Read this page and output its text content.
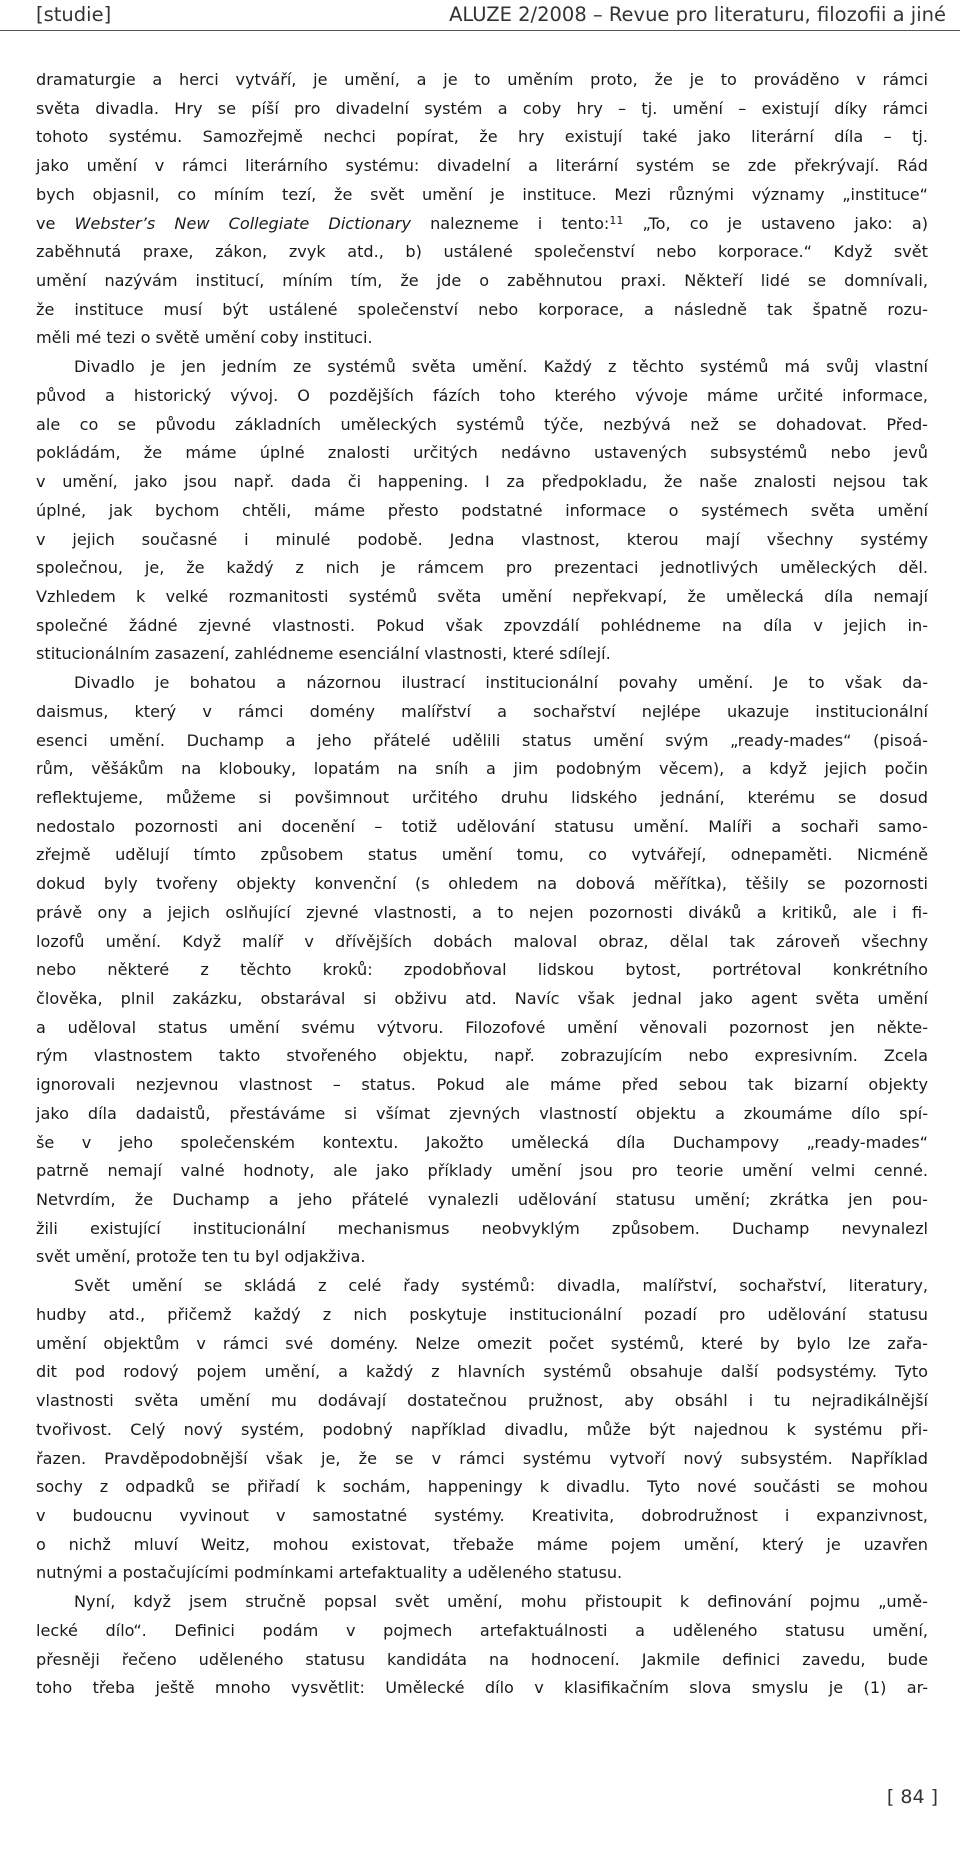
[studie]	ALUZE 2/2008 – Revue pro literaturu, filozofii a jiné
dramaturgie a herci vytváří, je umění, a je to uměním proto, že je to prováděno v rámci
světa divadla. Hry se píší pro divadelní systém a coby hry – tj. umění – existují díky rámci
tohoto systému. Samozřejmě nechci popírat, že hry existují také jako literární díla – tj.
jako umění v rámci literárního systému: divadelní a literární systém se zde překrývají. Rád
bych objasnil, co míním tezí, že svět umění je instituce. Mezi různými významy „instituce“
ve Webster’s New Collegiate Dictionary nalezneme i tento:$^{11}$ „To, co je ustaveno jako: a)
zaběhnutá praxe, zákon, zvyk atd., b) ustálené společenství nebo korporace.“ Když svět
umění nazývám institucí, míním tím, že jde o zaběhnutou praxi. Někteří lidé se domnívali,
že instituce musí být ustálené společenství nebo korporace, a následně tak špatně rozu-
měli mé tezi o světě umění coby instituci.
Divadlo je jen jedním ze systémů světa umění. Každý z těchto systémů má svůj vlastní
původ a historický vývoj. O pozdějších fázích toho kterého vývoje máme určité informace,
ale co se původu základních uměleckých systémů týče, nezbývá než se dohadovat. Před-
pokládám, že máme úplné znalosti určitých nedávno ustavených subsystémů nebo jevů
v umění, jako jsou např. dada či happening. I za předpokladu, že naše znalosti nejsou tak
úplné, jak bychom chtěli, máme přesto podstatné informace o systémech světa umění
v jejich současné i minulé podobě. Jedna vlastnost, kterou mají všechny systémy
společnou, je, že každý z nich je rámcem pro prezentaci jednotlivých uměleckých děl.
Vzhledem k velké rozmanitosti systémů světa umění nepřekvapí, že umělecká díla nemají
společné žádné zjevné vlastnosti. Pokud však zpovzdálí pohlédneme na díla v jejich in-
stitucionálním zasazení, zahlédneme esenciální vlastnosti, které sdílejí.
Divadlo je bohatou a názornou ilustrací institucionální povahy umění. Je to však da-
daismus, který v rámci domény malířství a sochařství nejlépe ukazuje institucionální
esenci umění. Duchamp a jeho přátelé udělili status umění svým „ready-mades“ (pisoá-
rům, věšákům na klobouky, lopatám na sníh a jim podobným věcem), a když jejich počin
reflektujeme, můžeme si povšimnout určitého druhu lidského jednání, kterému se dosud
nedostalo pozornosti ani docenění – totiž udělování statusu umění. Malíři a sochaři samo-
zřejmě udělují tímto způsobem status umění tomu, co vytvářejí, odnepaměti. Nicméně
dokud byly tvořeny objekty konvenční (s ohledem na dobová měřítka), těšily se pozornosti
právě ony a jejich oslňující zjevné vlastnosti, a to nejen pozornosti diváků a kritiků, ale i fi-
lozofů umění. Když malíř v dřívějších dobách maloval obraz, dělal tak zároveň všechny
nebo některé z těchto kroků: zpodobňoval lidskou bytost, portrétoval konkrétního
člověka, plnil zakázku, obstarával si obživu atd. Navíc však jednal jako agent světa umění
a uděloval status umění svému výtvoru. Filozofové umění věnovali pozornost jen někte-
rým vlastnostem takto stvořeného objektu, např. zobrazujícím nebo expresivním. Zcela
ignorovali nezjevnou vlastnost – status. Pokud ale máme před sebou tak bizarní objekty
jako díla dadaistů, přestáváme si všímat zjevných vlastností objektu a zkoumáme dílo spí-
še v jeho společenském kontextu. Jakožto umělecká díla Duchampovy „ready-mades“
patrně nemají valné hodnoty, ale jako příklady umění jsou pro teorie umění velmi cenné.
Netvrdím, že Duchamp a jeho přátelé vynalezli udělování statusu umění; zkrátka jen pou-
žili existující institucionální mechanismus neobvyklým způsobem. Duchamp nevynalezl
svět umění, protože ten tu byl odjakživa.
Svět umění se skládá z celé řady systémů: divadla, malířství, sochařství, literatury,
hudby atd., přičemž každý z nich poskytuje institucionální pozadí pro udělování statusu
umění objektům v rámci své domény. Nelze omezit počet systémů, které by bylo lze zařa-
dit pod rodový pojem umění, a každý z hlavních systémů obsahuje další podsystémy. Tyto
vlastnosti světa umění mu dodávají dostatečnou pružnost, aby obsáhl i tu nejradikálnější
tvořivost. Celý nový systém, podobný například divadlu, může být najednou k systému při-
řazen. Pravděpodobnější však je, že se v rámci systému vytvoří nový subsystém. Například
sochy z odpadků se přiřadí k sochám, happeningy k divadlu. Tyto nové součásti se mohou
v budoucnu vyvinout v samostatné systémy. Kreativita, dobrodružnost i expanzivnost,
o nichž mluví Weitz, mohou existovat, třebaže máme pojem umění, který je uzavřen
nutnými a postačujícími podmínkami artefaktuality a uděleného statusu.
Nyní, když jsem stručně popsal svět umění, mohu přistoupit k definování pojmu „umě-
lecké dílo“. Definici podám v pojmech artefaktuálnosti a uděleného statusu umění,
přesněji řečeno uděleného statusu kandidáta na hodnocení. Jakmile definici zavedu, bude
toho třeba ještě mnoho vysvětlit: Umělecké dílo v klasifikačním slova smyslu je (1) ar-
[ 84 ]
